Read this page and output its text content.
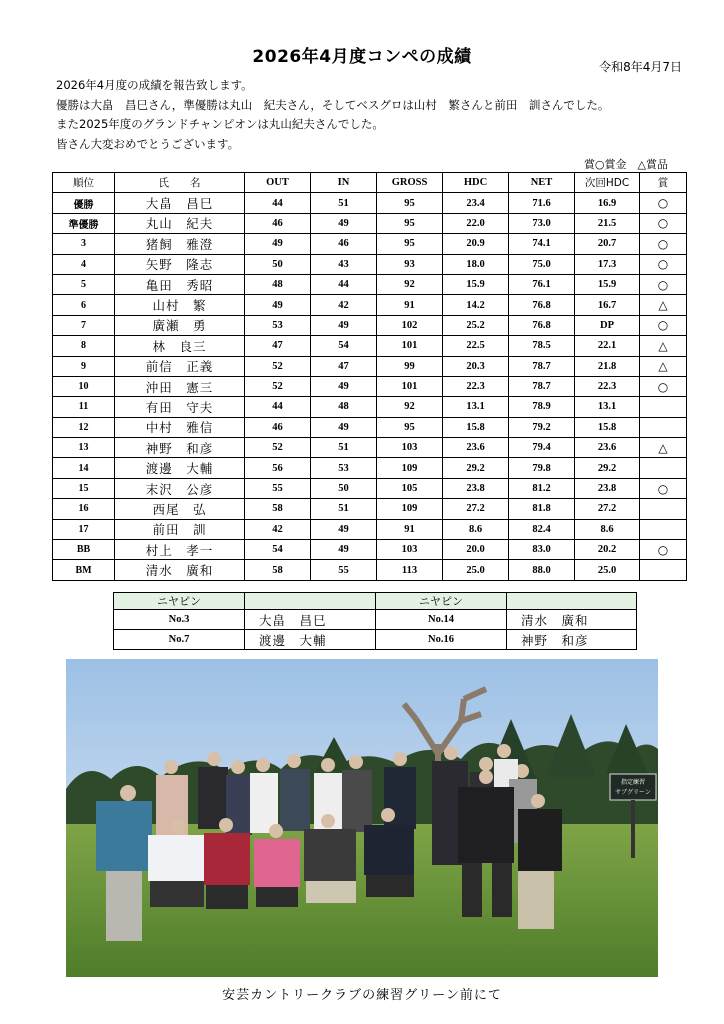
2026年4月度コンペの成績	令和8年4月7日
2026年4月度の成績を報告致します。
優勝は大畠　昌巳さん，準優勝は丸山　紀夫さん，そしてベスグロは山村　繁さんと前田　訓さんでした。
また2025年度のグランドチャンピオンは丸山紀夫さんでした。
皆さん大変おめでとうございます。
賞○賞金　△賞品
順位	氏　　名	OUT	IN	GROSS	HDC	NET	次回HDC	賞
優勝	大畠　昌巳	44	51	95	23.4	71.6	16.9	○
準優勝	丸山　紀夫	46	49	95	22.0	73.0	21.5	○
3	猪飼　雅澄	49	46	95	20.9	74.1	20.7	○
4	矢野　隆志	50	43	93	18.0	75.0	17.3	○
5	亀田　秀昭	48	44	92	15.9	76.1	15.9	○
6	山村　繁	49	42	91	14.2	76.8	16.7	△
7	廣瀬　勇	53	49	102	25.2	76.8	DP	○
8	林　良三	47	54	101	22.5	78.5	22.1	△
9	前信　正義	52	47	99	20.3	78.7	21.8	△
10	沖田　憲三	52	49	101	22.3	78.7	22.3	○
11	有田　守夫	44	48	92	13.1	78.9	13.1	
12	中村　雅信	46	49	95	15.8	79.2	15.8	
13	神野　和彦	52	51	103	23.6	79.4	23.6	△
14	渡邊　大輔	56	53	109	29.2	79.8	29.2	
15	末沢　公彦	55	50	105	23.8	81.2	23.8	○
16	西尾　弘	58	51	109	27.2	81.8	27.2	
17	前田　訓	42	49	91	8.6	82.4	8.6	
BB	村上　孝一	54	49	103	20.0	83.0	20.2	○
BM	清水　廣和	58	55	113	25.0	88.0	25.0	
ニヤピン		ニヤピン	
No.3	大畠　昌巳	No.14	清水　廣和
No.7	渡邊　大輔	No.16	神野　和彦
指定練習
サブグリーン
安芸カントリークラブの練習グリーン前にて
